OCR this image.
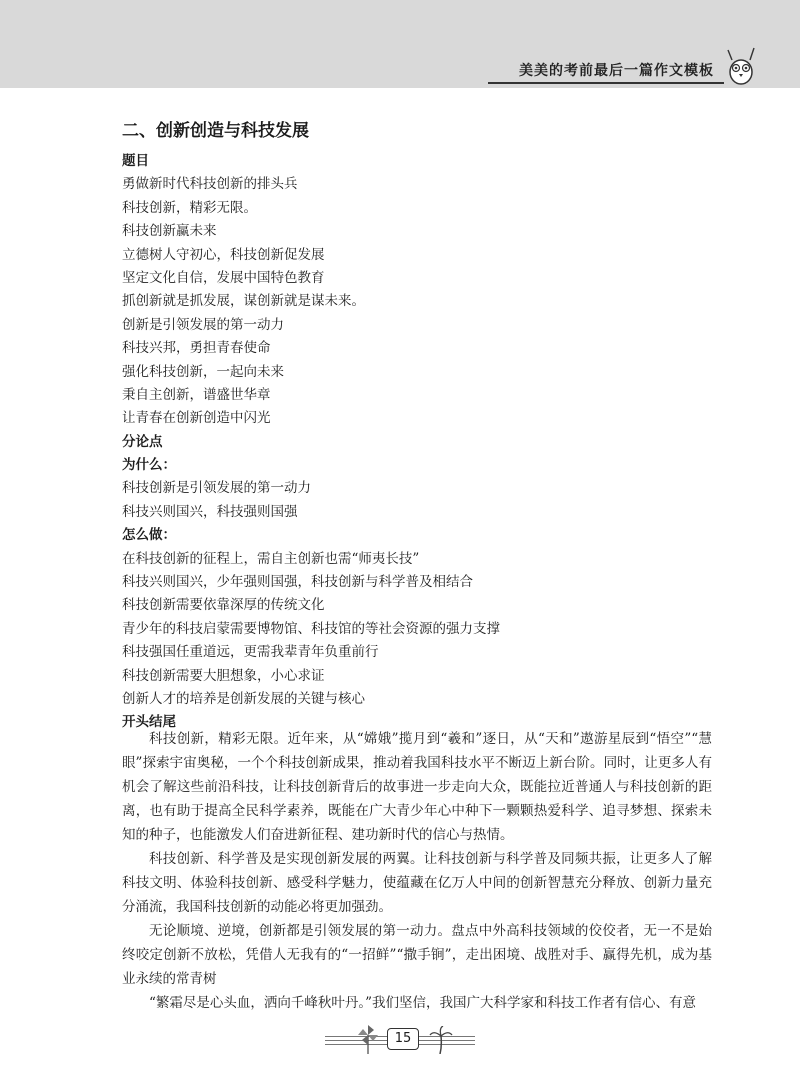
美美的考前最后一篇作文模板
二、创新创造与科技发展
题目
勇做新时代科技创新的排头兵
科技创新，精彩无限。
科技创新赢未来
立德树人守初心，科技创新促发展
坚定文化自信，发展中国特色教育
抓创新就是抓发展，谋创新就是谋未来。
创新是引领发展的第一动力
科技兴邦，勇担青春使命
强化科技创新，一起向未来
秉自主创新，谱盛世华章
让青春在创新创造中闪光
分论点
为什么：
科技创新是引领发展的第一动力
科技兴则国兴，科技强则国强
怎么做：
在科技创新的征程上，需自主创新也需“师夷长技”
科技兴则国兴，少年强则国强，科技创新与科学普及相结合
科技创新需要依靠深厚的传统文化
青少年的科技启蒙需要博物馆、科技馆的等社会资源的强力支撑
科技强国任重道远，更需我辈青年负重前行
科技创新需要大胆想象，小心求证
创新人才的培养是创新发展的关键与核心
开头结尾

科技创新，精彩无限。近年来，从“嫦娥”揽月到“羲和”逐日，从“天和”遨游星辰到“悟空”“慧眼”探索宇宙奥秘，一个个科技创新成果，推动着我国科技水平不断迈上新台阶。同时，让更多人有机会了解这些前沿科技，让科技创新背后的故事进一步走向大众，既能拉近普通人与科技创新的距离，也有助于提高全民科学素养，既能在广大青少年心中种下一颗颗热爱科学、追寻梦想、探索未知的种子，也能激发人们奋进新征程、建功新时代的信心与热情。

科技创新、科学普及是实现创新发展的两翼。让科技创新与科学普及同频共振，让更多人了解科技文明、体验科技创新、感受科学魅力，使蕴藏在亿万人中间的创新智慧充分释放、创新力量充分涌流，我国科技创新的动能必将更加强劲。

无论顺境、逆境，创新都是引领发展的第一动力。盘点中外高科技领域的佼佼者，无一不是始终咬定创新不放松，凭借人无我有的“一招鲜”“撒手锏”，走出困境、战胜对手、赢得先机，成为基业永续的常青树

“繁霜尽是心头血，洒向千峰秋叶丹。”我们坚信，我国广大科学家和科技工作者有信心、有意

15
